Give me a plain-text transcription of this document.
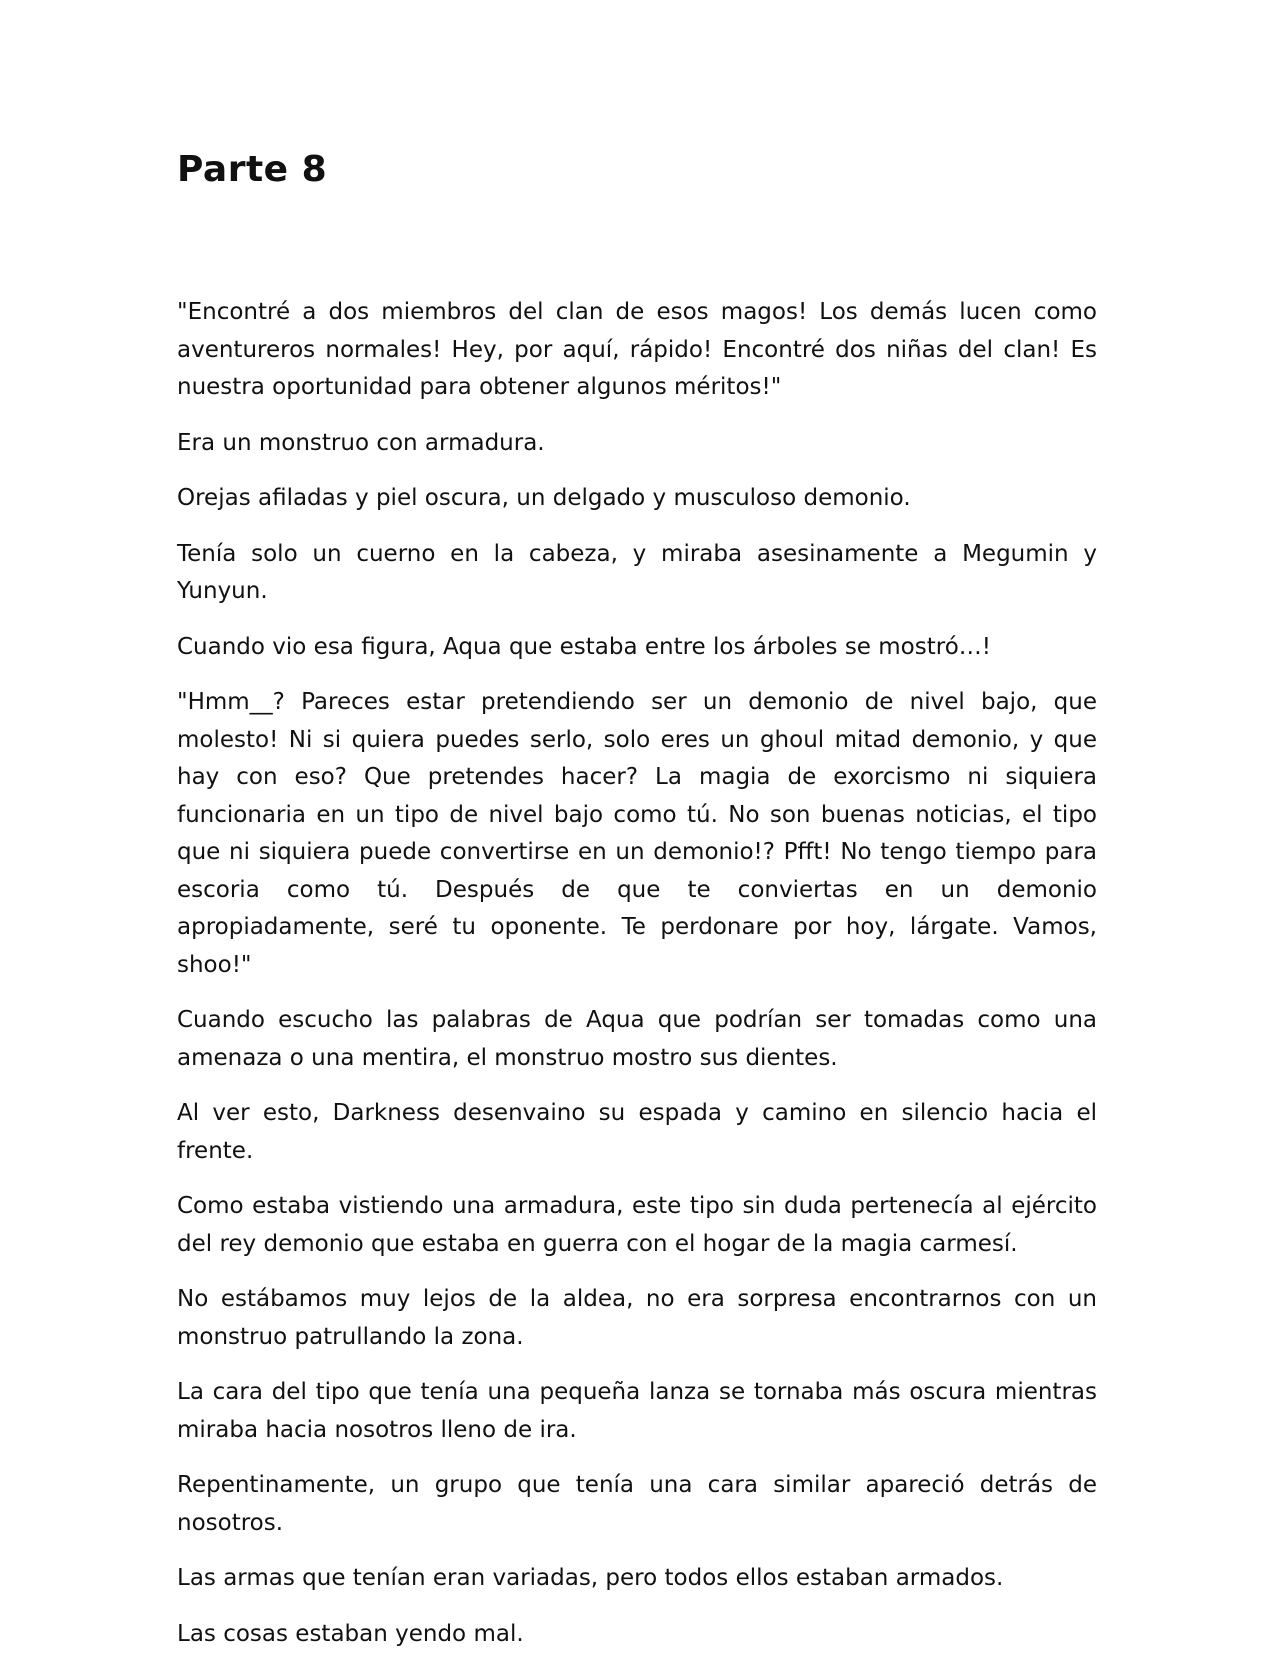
Parte 8

"Encontré a dos miembros del clan de esos magos! Los demás lucen como aventureros normales! Hey, por aquí, rápido! Encontré dos niñas del clan! Es nuestra oportunidad para obtener algunos méritos!"

Era un monstruo con armadura.

Orejas afiladas y piel oscura, un delgado y musculoso demonio.

Tenía solo un cuerno en la cabeza, y miraba asesinamente a Megumin y Yunyun.

Cuando vio esa figura, Aqua que estaba entre los árboles se mostró…!

"Hmm__? Pareces estar pretendiendo ser un demonio de nivel bajo, que molesto! Ni si quiera puedes serlo, solo eres un ghoul mitad demonio, y que hay con eso? Que pretendes hacer? La magia de exorcismo ni siquiera funcionaria en un tipo de nivel bajo como tú. No son buenas noticias, el tipo que ni siquiera puede convertirse en un demonio!? Pfft! No tengo tiempo para escoria como tú. Después de que te conviertas en un demonio apropiadamente, seré tu oponente. Te perdonare por hoy, lárgate. Vamos, shoo!"

Cuando escucho las palabras de Aqua que podrían ser tomadas como una amenaza o una mentira, el monstruo mostro sus dientes.

Al ver esto, Darkness desenvaino su espada y camino en silencio hacia el frente.

Como estaba vistiendo una armadura, este tipo sin duda pertenecía al ejército del rey demonio que estaba en guerra con el hogar de la magia carmesí.

No estábamos muy lejos de la aldea, no era sorpresa encontrarnos con un monstruo patrullando la zona.

La cara del tipo que tenía una pequeña lanza se tornaba más oscura mientras miraba hacia nosotros lleno de ira.

Repentinamente, un grupo que tenía una cara similar apareció detrás de nosotros.

Las armas que tenían eran variadas, pero todos ellos estaban armados.

Las cosas estaban yendo mal.
